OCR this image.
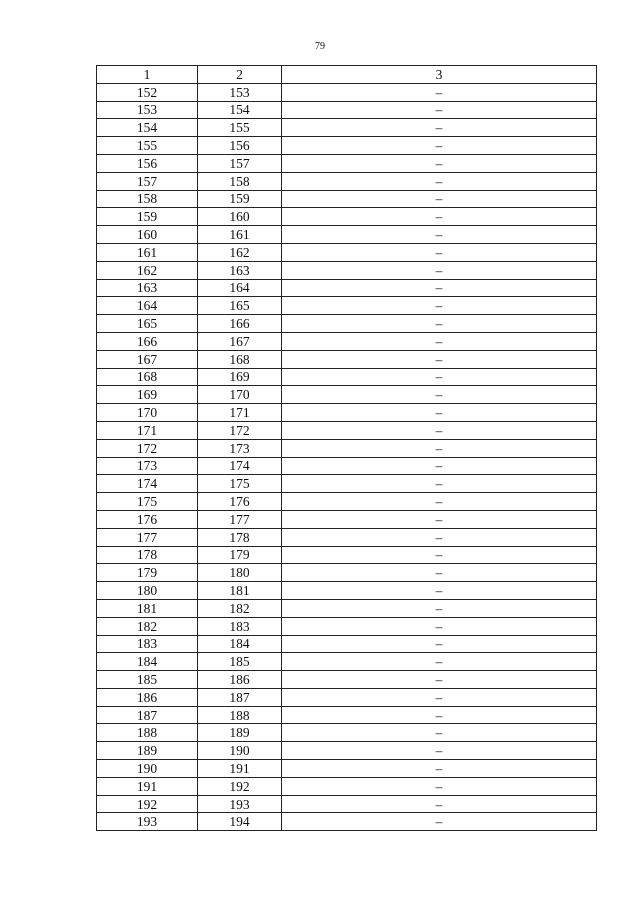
79
1	2	3
152	153	–
153	154	–
154	155	–
155	156	–
156	157	–
157	158	–
158	159	–
159	160	–
160	161	–
161	162	–
162	163	–
163	164	–
164	165	–
165	166	–
166	167	–
167	168	–
168	169	–
169	170	–
170	171	–
171	172	–
172	173	–
173	174	–
174	175	–
175	176	–
176	177	–
177	178	–
178	179	–
179	180	–
180	181	–
181	182	–
182	183	–
183	184	–
184	185	–
185	186	–
186	187	–
187	188	–
188	189	–
189	190	–
190	191	–
191	192	–
192	193	–
193	194	–
